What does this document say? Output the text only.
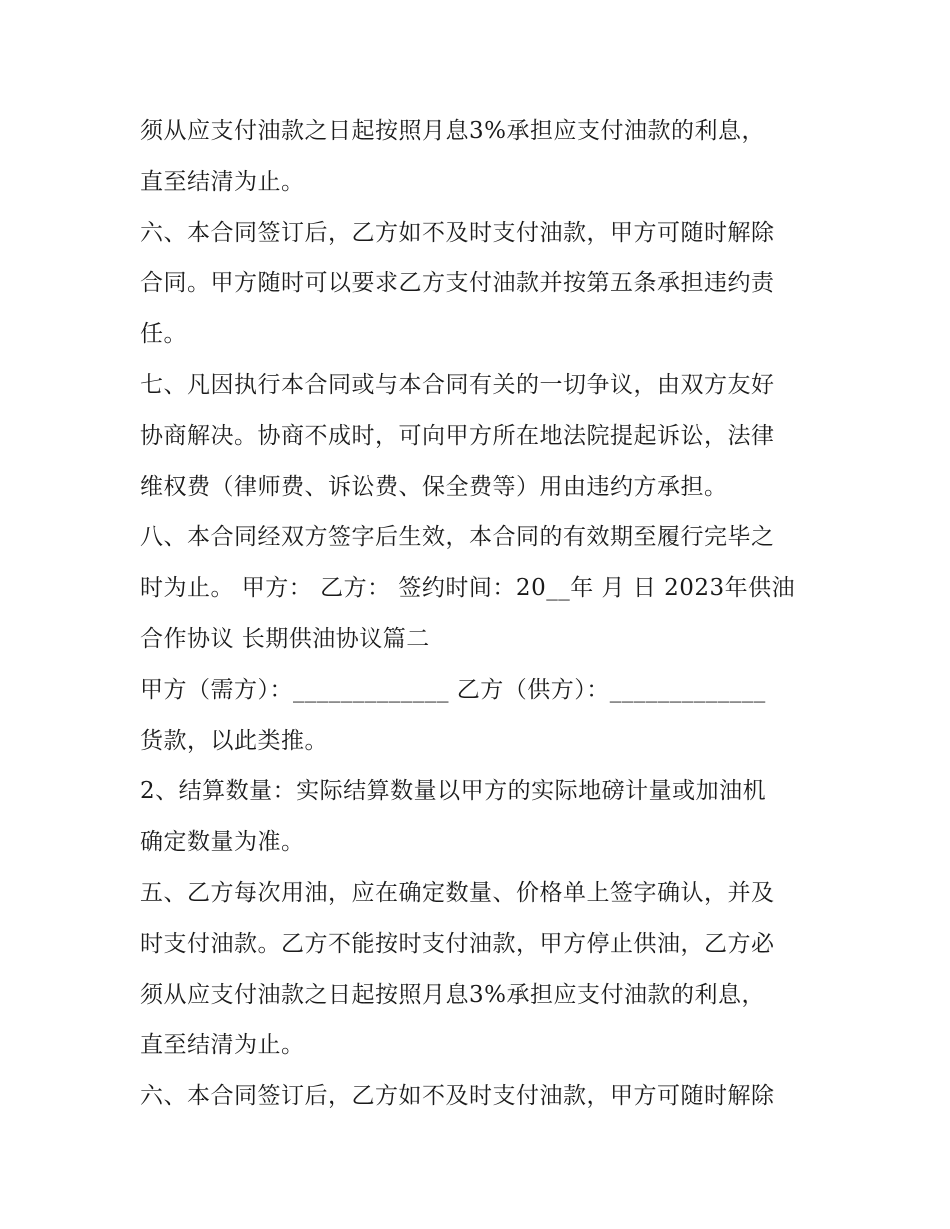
须从应支付油款之日起按照月息3%承担应支付油款的利息，
直至结清为止。
六、本合同签订后，乙方如不及时支付油款，甲方可随时解除
合同。甲方随时可以要求乙方支付油款并按第五条承担违约责
任。
七、凡因执行本合同或与本合同有关的一切争议，由双方友好
协商解决。协商不成时，可向甲方所在地法院提起诉讼，法律
维权费（律师费、诉讼费、保全费等）用由违约方承担。
八、本合同经双方签字后生效，本合同的有效期至履行完毕之
时为止。 甲方： 乙方： 签约时间：20__年 月 日 2023年供油
合作协议 长期供油协议篇二
甲方（需方）：_____________ 乙方（供方）：_____________
货款，以此类推。
2、结算数量：实际结算数量以甲方的实际地磅计量或加油机
确定数量为准。
五、乙方每次用油，应在确定数量、价格单上签字确认，并及
时支付油款。乙方不能按时支付油款，甲方停止供油，乙方必
须从应支付油款之日起按照月息3%承担应支付油款的利息，
直至结清为止。
六、本合同签订后，乙方如不及时支付油款，甲方可随时解除
